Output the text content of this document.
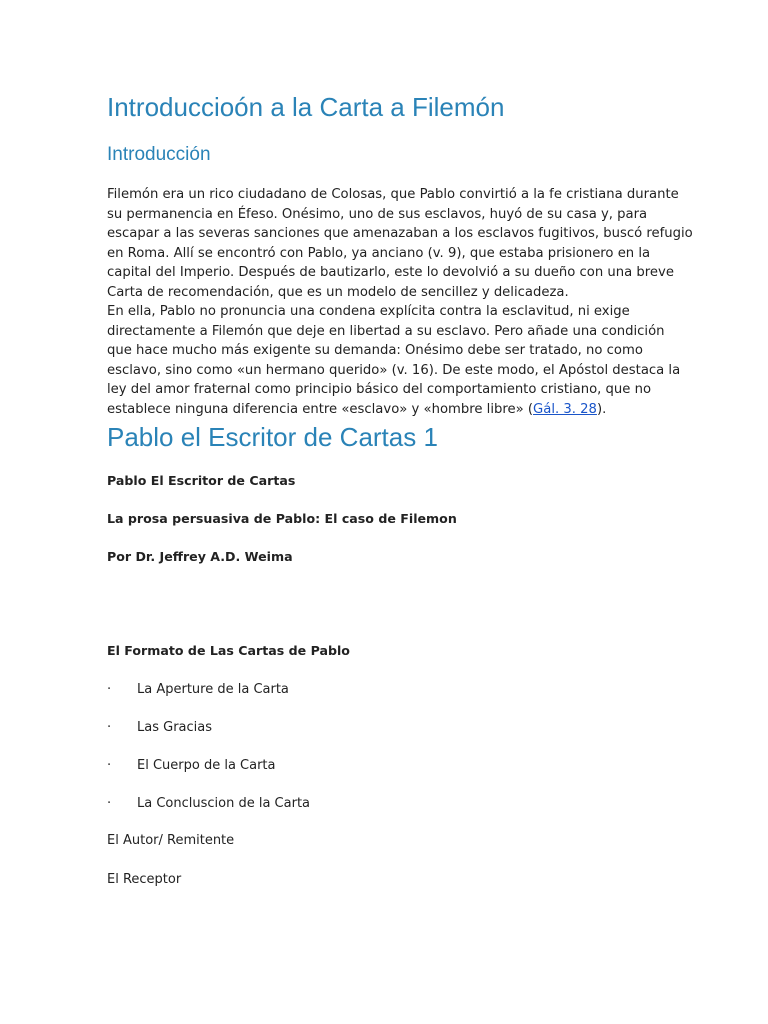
Introduccioón a la Carta a Filemón
Introducción
Filemón era un rico ciudadano de Colosas, que Pablo convirtió a la fe cristiana durante
su permanencia en Éfeso. Onésimo, uno de sus esclavos, huyó de su casa y, para
escapar a las severas sanciones que amenazaban a los esclavos fugitivos, buscó refugio
en Roma. Allí se encontró con Pablo, ya anciano (v. 9), que estaba prisionero en la
capital del Imperio. Después de bautizarlo, este lo devolvió a su dueño con una breve
Carta de recomendación, que es un modelo de sencillez y delicadeza.
En ella, Pablo no pronuncia una condena explícita contra la esclavitud, ni exige
directamente a Filemón que deje en libertad a su esclavo. Pero añade una condición
que hace mucho más exigente su demanda: Onésimo debe ser tratado, no como
esclavo, sino como «un hermano querido» (v. 16). De este modo, el Apóstol destaca la
ley del amor fraternal como principio básico del comportamiento cristiano, que no
establece ninguna diferencia entre «esclavo» y «hombre libre» (Gál. 3. 28).
Pablo el Escritor de Cartas 1
Pablo El Escritor de Cartas
La prosa persuasiva de Pablo: El caso de Filemon
Por Dr. Jeffrey A.D. Weima
El Formato de Las Cartas de Pablo
· La Aperture de la Carta
· Las Gracias
· El Cuerpo de la Carta
· La Concluscion de la Carta
El Autor/ Remitente
El Receptor
